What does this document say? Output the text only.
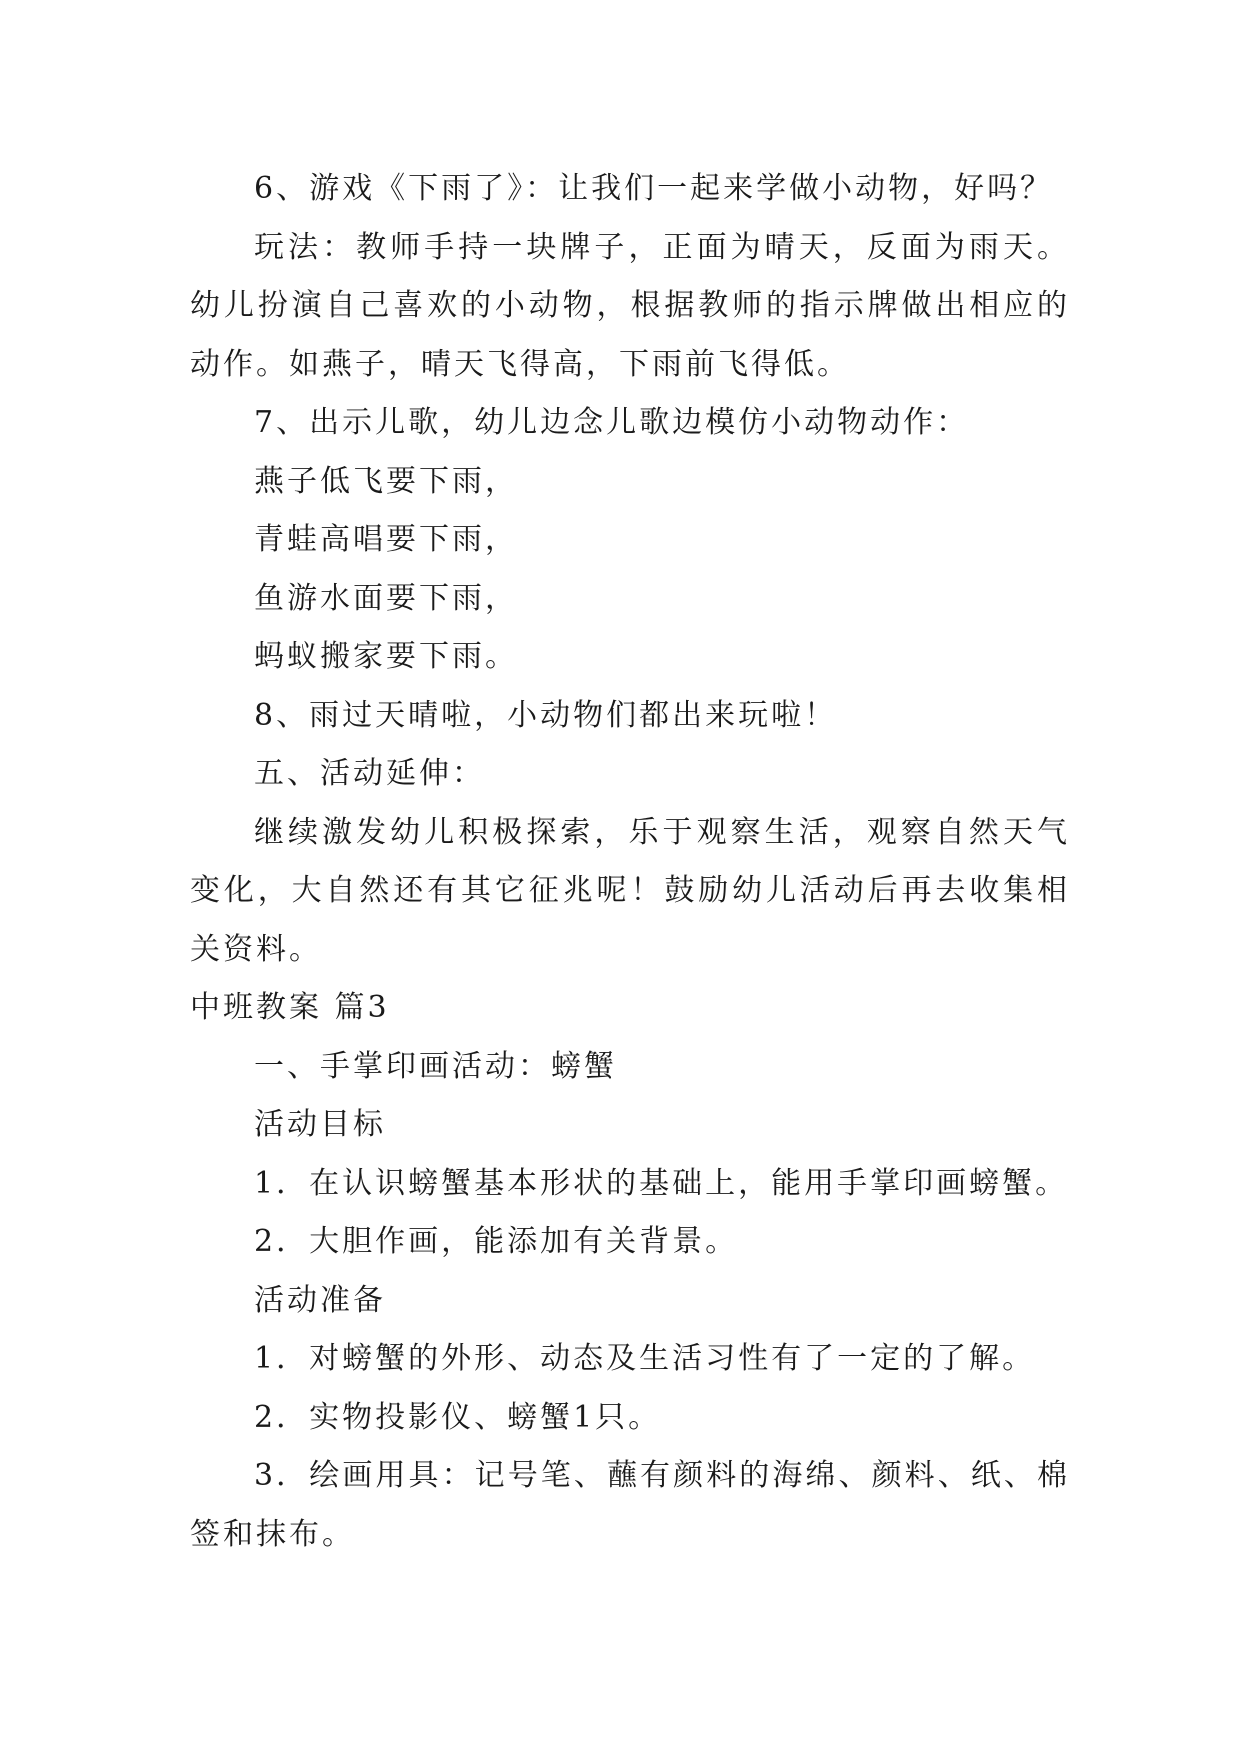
6、游戏《下雨了》：让我们一起来学做小动物，好吗？

玩法：教师手持一块牌子，正面为晴天，反面为雨天。幼儿扮演自己喜欢的小动物，根据教师的指示牌做出相应的动作。如燕子，晴天飞得高，下雨前飞得低。

7、出示儿歌，幼儿边念儿歌边模仿小动物动作：

燕子低飞要下雨，

青蛙高唱要下雨，

鱼游水面要下雨，

蚂蚁搬家要下雨。

8、雨过天晴啦，小动物们都出来玩啦！

五、活动延伸：

继续激发幼儿积极探索，乐于观察生活，观察自然天气变化，大自然还有其它征兆呢！鼓励幼儿活动后再去收集相关资料。

中班教案 篇3

一、手掌印画活动：螃蟹

活动目标

1．在认识螃蟹基本形状的基础上，能用手掌印画螃蟹。

2．大胆作画，能添加有关背景。

活动准备

1．对螃蟹的外形、动态及生活习性有了一定的了解。

2．实物投影仪、螃蟹1只。

3．绘画用具：记号笔、蘸有颜料的海绵、颜料、纸、棉签和抹布。
